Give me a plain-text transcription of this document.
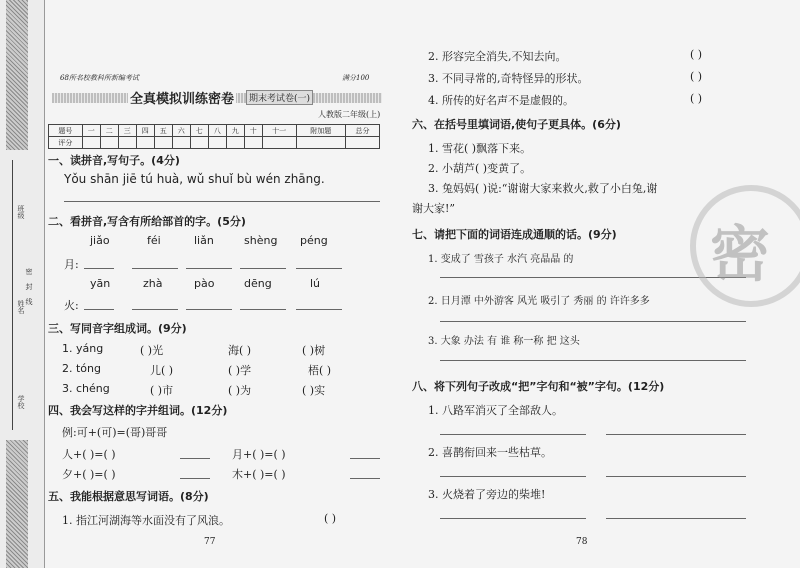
班级
姓名
密
封
线
学校
68所名校教科所新编考试	满分100
全真模拟训练密卷	期末考试卷(一)
人教版二年级(上)
题号	一	二	三	四	五	六	七	八	九	十	十一	附加题	总分
评分													
一、读拼音,写句子。(4分)
Yǒu shān jiē tú huà, wǔ shuǐ bù wén zhāng.
二、看拼音,写含有所给部首的字。(5分)
jiǎo	féi	liǎn	shèng péng
月:
yān	zhà	pào	dēng	lú
火:
三、写同音字组成词。(9分)
1. yáng	( )光	海( )	( )树
2. tóng	儿( )	( )学	梧( )
3. chéng	( )市	( )为	( )实
四、我会写这样的字并组词。(12分)
例:可+(可)=(哥)哥哥
人+( )=( )	月+( )=( )
夕+( )=( )	木+( )=( )
五、我能根据意思写词语。(8分)
1. 指江河湖海等水面没有了风浪。	( )
77
2. 形容完全消失,不知去向。	( )
3. 不同寻常的,奇特怪异的形状。	( )
4. 所传的好名声不是虚假的。	( )
六、在括号里填词语,使句子更具体。(6分)
1. 雪花( )飘落下来。
2. 小葫芦( )变黄了。
3. 兔妈妈( )说:“谢谢大家来救火,救了小白兔,谢
谢大家!”
七、请把下面的词语连成通顺的话。(9分)
1. 变成了 雪孩子 水汽 亮晶晶 的
2. 日月潭 中外游客 风光 吸引了 秀丽 的 许许多多
3. 大象 办法 有 谁 称一称 把 这头
八、将下列句子改成“把”字句和“被”字句。(12分)
1. 八路军消灭了全部敌人。
2. 喜鹊衔回来一些枯草。
3. 火烧着了旁边的柴堆!
78
密
